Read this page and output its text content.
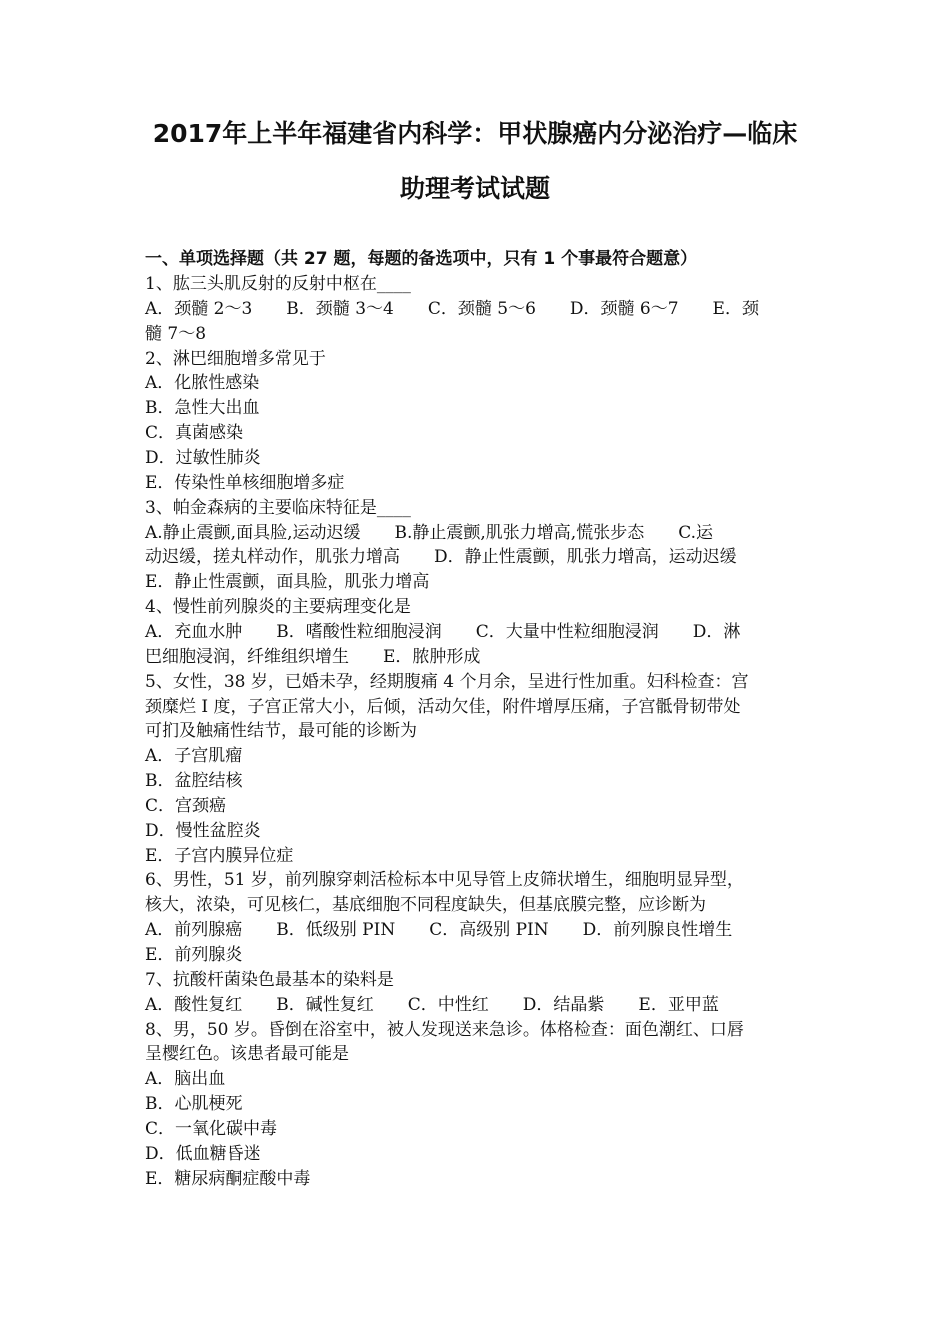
2017年上半年福建省内科学：甲状腺癌内分泌治疗—临床
助理考试试题
一、单项选择题（共 27 题，每题的备选项中，只有 1 个事最符合题意）
1、肱三头肌反射的反射中枢在____
A．颈髓 2～3　　B．颈髓 3～4　　C．颈髓 5～6　　D．颈髓 6～7　　E．颈
髓 7～8
2、淋巴细胞增多常见于
A．化脓性感染
B．急性大出血
C．真菌感染
D．过敏性肺炎
E．传染性单核细胞增多症
3、帕金森病的主要临床特征是____
A.静止震颤,面具脸,运动迟缓　　B.静止震颤,肌张力增高,慌张步态　　C.运
动迟缓，搓丸样动作，肌张力增高　　D．静止性震颤，肌张力增高，运动迟缓
E．静止性震颤，面具脸，肌张力增高
4、慢性前列腺炎的主要病理变化是
A．充血水肿　　B．嗜酸性粒细胞浸润　　C．大量中性粒细胞浸润　　D．淋
巴细胞浸润，纤维组织增生　　E．脓肿形成
5、女性，38 岁，已婚未孕，经期腹痛 4 个月余，呈进行性加重。妇科检查：宫
颈糜烂 I 度，子宫正常大小，后倾，活动欠佳，附件增厚压痛，子宫骶骨韧带处
可扪及触痛性结节，最可能的诊断为
A．子宫肌瘤
B．盆腔结核
C．宫颈癌
D．慢性盆腔炎
E．子宫内膜异位症
6、男性，51 岁，前列腺穿刺活检标本中见导管上皮筛状增生，细胞明显异型，
核大，浓染，可见核仁，基底细胞不同程度缺失，但基底膜完整，应诊断为
A．前列腺癌　　B．低级别 PIN　　C．高级别 PIN　　D．前列腺良性增生
E．前列腺炎
7、抗酸杆菌染色最基本的染料是
A．酸性复红　　B．碱性复红　　C．中性红　　D．结晶紫　　E．亚甲蓝
8、男，50 岁。昏倒在浴室中，被人发现送来急诊。体格检查：面色潮红、口唇
呈樱红色。该患者最可能是
A．脑出血
B．心肌梗死
C．一氧化碳中毒
D．低血糖昏迷
E．糖尿病酮症酸中毒
